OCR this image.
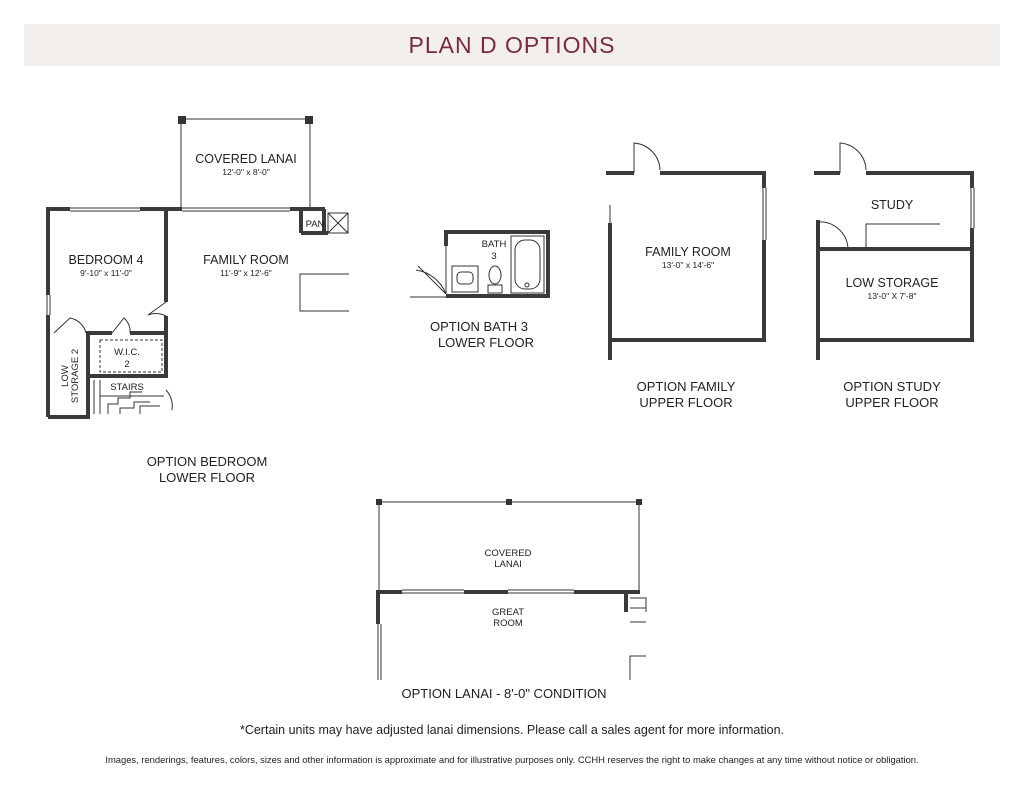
PLAN D OPTIONS
COVERED LANAI
12'-0" x 8'-0"
BEDROOM 4
9'-10" x 11'-0"
FAMILY ROOM
11'-9" x 12'-6"
PAN
W.I.C.
2
STAIRS
LOW STORAGE 2
OPTION BEDROOM
LOWER FLOOR
BATH
3
OPTION BATH 3
LOWER FLOOR
FAMILY ROOM
13'-0" x 14'-6"
OPTION FAMILY
UPPER FLOOR
STUDY
LOW STORAGE
13'-0" X 7'-8"
OPTION STUDY
UPPER FLOOR
COVERED
LANAI
GREAT
ROOM
OPTION LANAI - 8'-0" CONDITION
*Certain units may have adjusted lanai dimensions. Please call a sales agent for more information.
Images, renderings, features, colors, sizes and other information is approximate and for illustrative purposes only. CCHH reserves the right to make changes at any time without notice or obligation.
